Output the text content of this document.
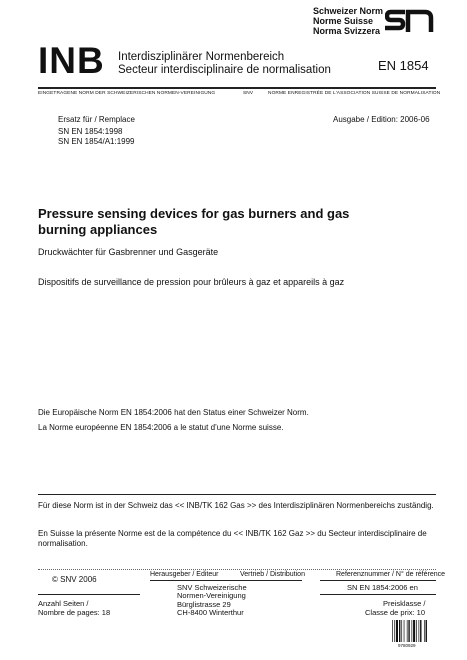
INB Interdisziplinärer Normenbereich
Secteur interdisciplinaire de normalisation
Schweizer Norm
Norme Suisse
Norma Svizzera
EN 1854
EINGETRAGENE NORM DER SCHWEIZERISCHEN NORMEN-VEREINIGUNG	SNV	NORME ENREGISTRÉE DE L'ASSOCIATION SUISSE DE NORMALISATION
Ersatz für / Remplace
SN EN 1854:1998
SN EN 1854/A1:1999
Ausgabe / Edition: 2006-06
Pressure sensing devices for gas burners and gas burning appliances
Druckwächter für Gasbrenner und Gasgeräte
Dispositifs de surveillance de pression pour brûleurs à gaz et appareils à gaz
Die Europäische Norm EN 1854:2006 hat den Status einer Schweizer Norm.
La Norme européenne EN 1854:2006 a le statut d’une Norme suisse.
Für diese Norm ist in der Schweiz das << INB/TK 162 Gas >> des Interdisziplinären Normenbereichs zuständig.
En Suisse la présente Norme est de la compétence du << INB/TK 162 Gaz >> du Secteur interdisciplinaire de normalisation.
© SNV 2006
Anzahl Seiten /
Nombre de pages: 18
Herausgeber / Editeur	Vertrieb / Distribution
SNV Schweizerische
Normen-Vereinigung
Bürglistrasse 29
CH-8400 Winterthur
Referenznummer / N° de référence
SN EN 1854:2006 en
Preisklasse /
Classe de prix: 10
9780929
